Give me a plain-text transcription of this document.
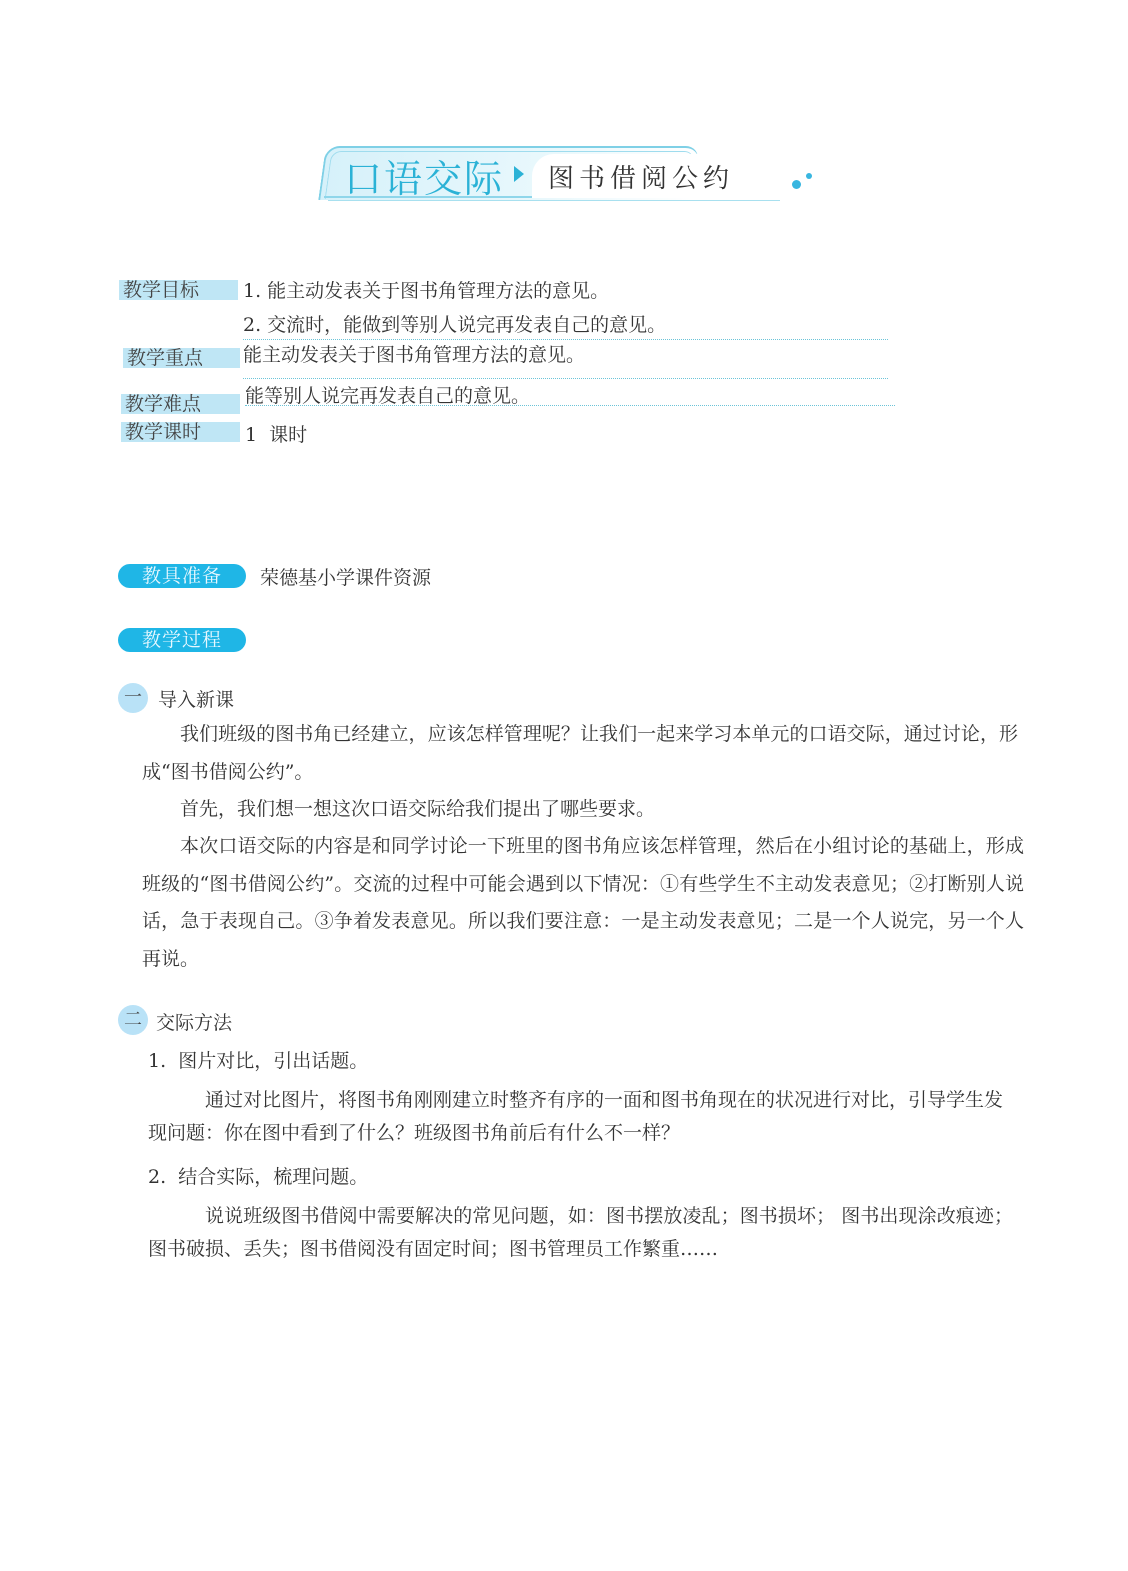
口语交际 图书借阅公约
教学目标	1. 能主动发表关于图书角管理方法的意见。
2. 交流时，能做到等别人说完再发表自己的意见。
教学重点	能主动发表关于图书角管理方法的意见。
教学难点	能等别人说完再发表自己的意见。
教学课时	1  课时
教具准备	荣德基小学课件资源
教学过程
一 导入新课
我们班级的图书角已经建立，应该怎样管理呢？让我们一起来学习本单元的口语交际，通过讨论，形成“图书借阅公约”。
首先，我们想一想这次口语交际给我们提出了哪些要求。
本次口语交际的内容是和同学讨论一下班里的图书角应该怎样管理，然后在小组讨论的基础上，形成班级的“图书借阅公约”。交流的过程中可能会遇到以下情况：①有些学生不主动发表意见；②打断别人说话，急于表现自己。③争着发表意见。所以我们要注意：一是主动发表意见；二是一个人说完，另一个人再说。
二 交际方法
1.  图片对比，引出话题。
通过对比图片，将图书角刚刚建立时整齐有序的一面和图书角现在的状况进行对比，引导学生发现问题：你在图中看到了什么？班级图书角前后有什么不一样？
2.  结合实际，梳理问题。
说说班级图书借阅中需要解决的常见问题，如：图书摆放凌乱；图书损坏； 图书出现涂改痕迹；图书破损、丢失；图书借阅没有固定时间；图书管理员工作繁重……
